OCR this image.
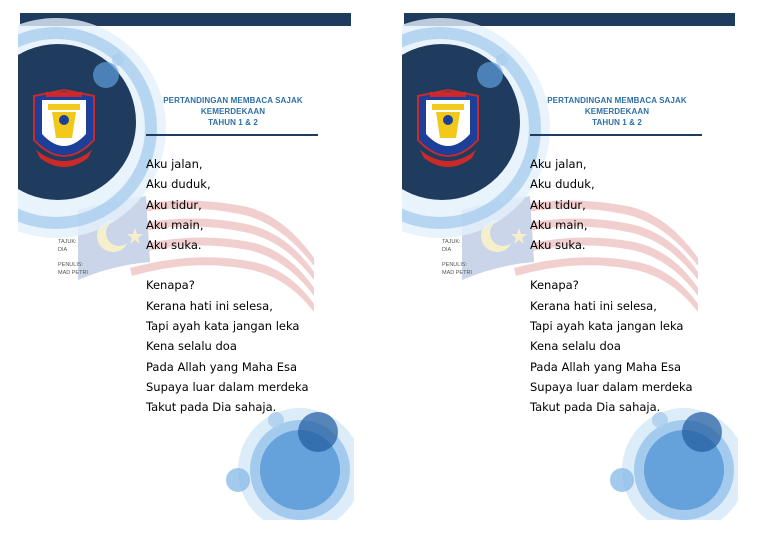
PERTANDINGAN MEMBACA SAJAK
KEMERDEKAAN
TAHUN 1 & 2
TAJUK:
DIA
PENULIS:
MAD PETRI
Aku jalan,
Aku duduk,
Aku tidur,
Aku main,
Aku suka.
Kenapa?
Kerana hati ini selesa,
Tapi ayah kata jangan leka
Kena selalu doa
Pada Allah yang Maha Esa
Supaya luar dalam merdeka
Takut pada Dia sahaja.
PERTANDINGAN MEMBACA SAJAK
KEMERDEKAAN
TAHUN 1 & 2
TAJUK:
DIA
PENULIS:
MAD PETRI
Aku jalan,
Aku duduk,
Aku tidur,
Aku main,
Aku suka.
Kenapa?
Kerana hati ini selesa,
Tapi ayah kata jangan leka
Kena selalu doa
Pada Allah yang Maha Esa
Supaya luar dalam merdeka
Takut pada Dia sahaja.
